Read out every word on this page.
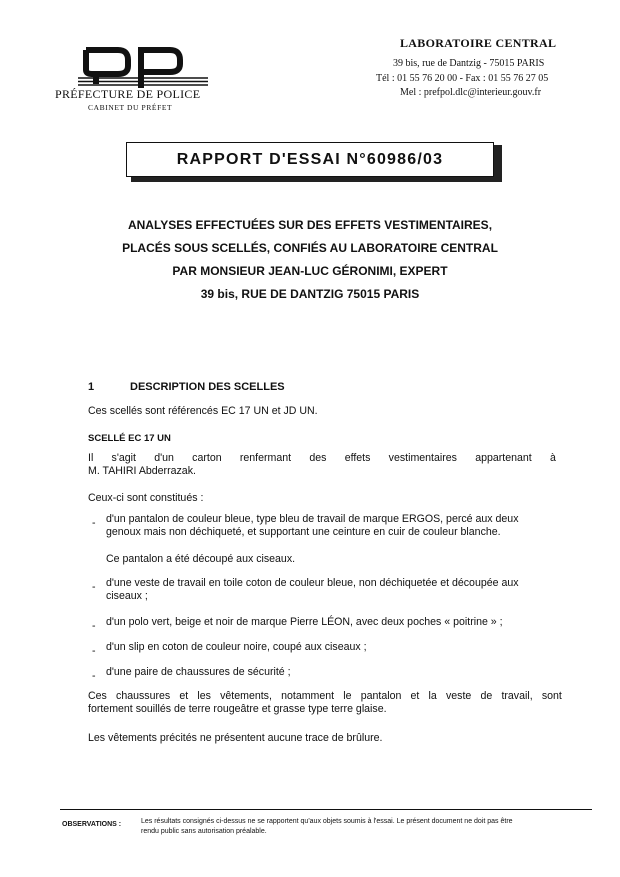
PRÉFECTURE DE POLICE
CABINET DU PRÉFET
LABORATOIRE CENTRAL
39 bis, rue de Dantzig - 75015 PARIS
Tél : 01 55 76 20 00 - Fax : 01 55 76 27 05
Mel : prefpol.dlc@interieur.gouv.fr
RAPPORT D'ESSAI N°60986/03
ANALYSES EFFECTUÉES SUR DES EFFETS VESTIMENTAIRES,
PLACÉS SOUS SCELLÉS, CONFIÉS AU LABORATOIRE CENTRAL
PAR MONSIEUR JEAN-LUC GÉRONIMI, EXPERT
39 bis, RUE DE DANTZIG 75015 PARIS
1	DESCRIPTION DES SCELLES
Ces scellés sont référencés EC 17 UN et JD UN.
SCELLÉ EC 17 UN
Il s'agit d'un carton renfermant des effets vestimentaires appartenant à
M. TAHIRI Abderrazak.
Ceux-ci sont constitués :
- d'un pantalon de couleur bleue, type bleu de travail de marque ERGOS, percé aux deux
genoux mais non déchiqueté, et supportant une ceinture en cuir de couleur blanche.
Ce pantalon a été découpé aux ciseaux.
- d'une veste de travail en toile coton de couleur bleue, non déchiquetée et découpée aux
ciseaux ;
- d'un polo vert, beige et noir de marque Pierre LÉON, avec deux poches « poitrine » ;
- d'un slip en coton de couleur noire, coupé aux ciseaux ;
- d'une paire de chaussures de sécurité ;
Ces chaussures et les vêtements, notamment le pantalon et la veste de travail, sont
fortement souillés de terre rougeâtre et grasse type terre glaise.
Les vêtements précités ne présentent aucune trace de brûlure.
OBSERVATIONS :	Les résultats consignés ci-dessus ne se rapportent qu'aux objets soumis à l'essai. Le présent document ne doit pas être
rendu public sans autorisation préalable.
